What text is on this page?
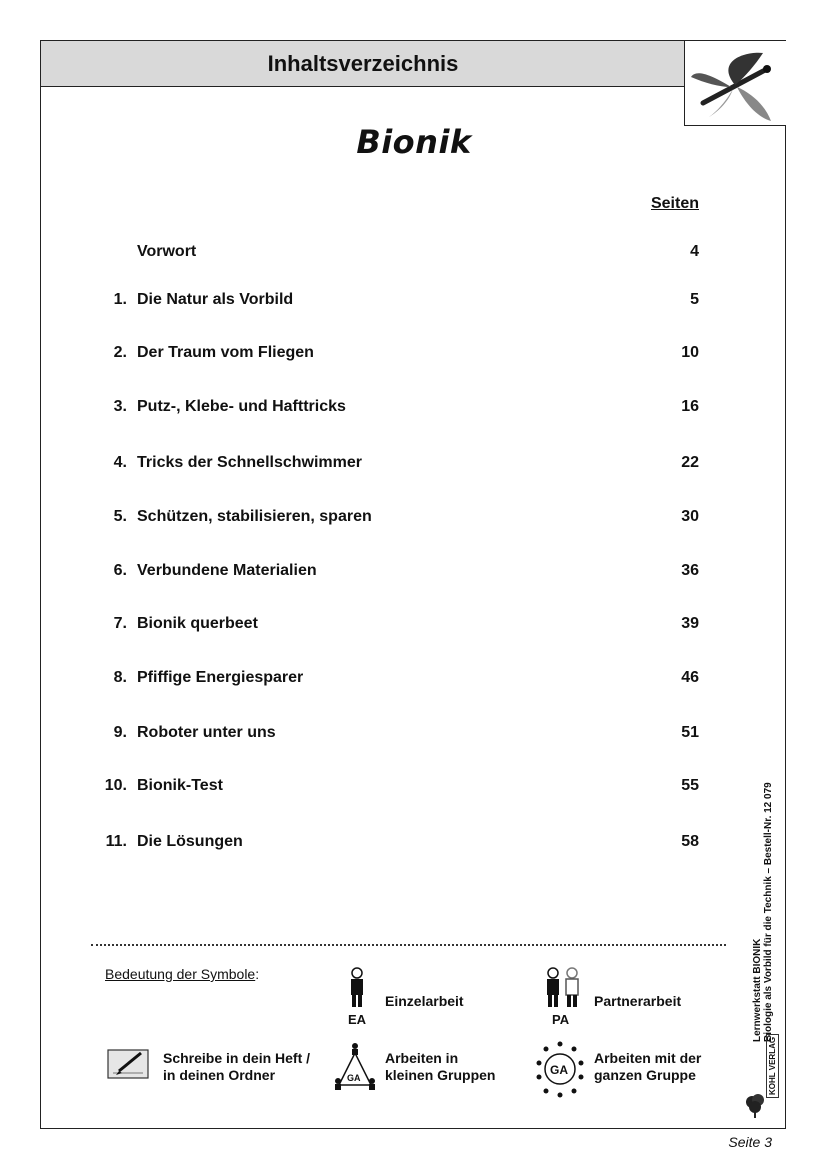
Inhaltsverzeichnis
Bionik
Seiten
Vorwort	4
1. Die Natur als Vorbild	5
2. Der Traum vom Fliegen	10
3. Putz-, Klebe- und Hafttricks	16
4. Tricks der Schnellschwimmer	22
5. Schützen, stabilisieren, sparen	30
6. Verbundene Materialien	36
7. Bionik querbeet	39
8. Pfiffige Energiesparer	46
9. Roboter unter uns	51
10. Bionik-Test	55
11. Die Lösungen	58
Bedeutung der Symbole:
EA
Einzelarbeit
PA
Partnerarbeit
Schreibe in dein Heft /
in deinen Ordner	GA
Arbeiten in
kleinen Gruppen	GA
Arbeiten mit der
ganzen Gruppe
Lernwerkstatt BIONIK Biologie als Vorbild für die Technik – Bestell-Nr. 12 079
KOHL VERLAG
Seite 3
